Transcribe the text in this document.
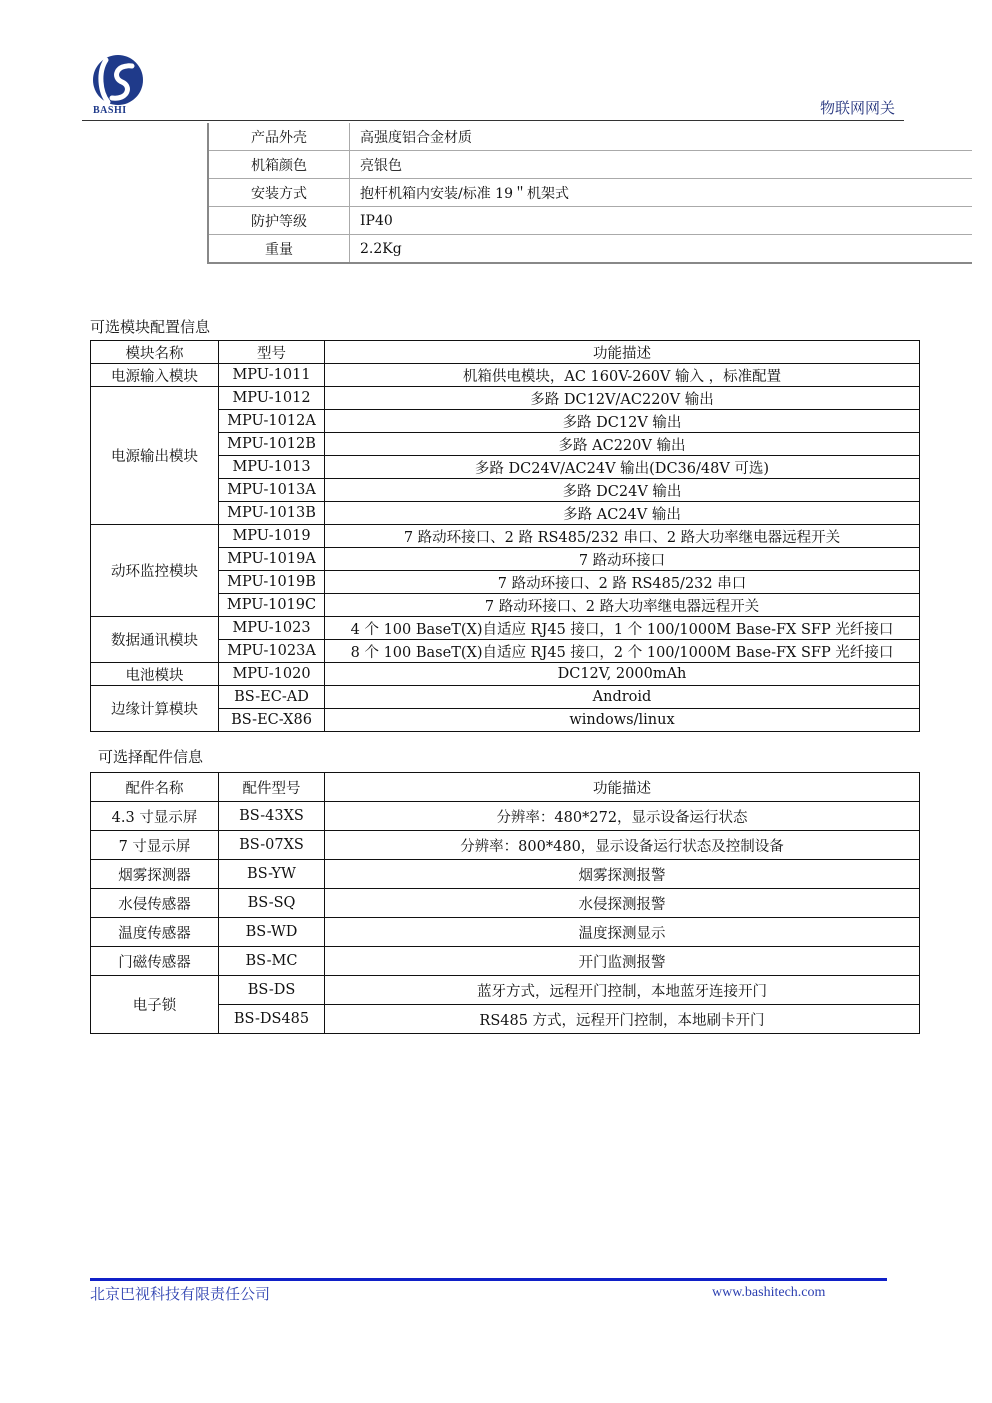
BASHI	物联网网关
	产品外壳	高强度铝合金材质
	机箱颜色	亮银色
	安装方式	抱杆机箱内安装/标准 19＂机架式
	防护等级	IP40
	重量	2.2Kg
可选模块配置信息
模块名称	型号	功能描述
电源输入模块	MPU-1011	机箱供电模块，AC 160V-260V 输入 ，标准配置
电源输出模块	MPU-1012	多路 DC12V/AC220V 输出
	MPU-1012A	多路 DC12V 输出
	MPU-1012B	多路 AC220V 输出
	MPU-1013	多路 DC24V/AC24V 输出(DC36/48V 可选)
	MPU-1013A	多路 DC24V 输出
	MPU-1013B	多路 AC24V 输出
动环监控模块	MPU-1019	7 路动环接口、2 路 RS485/232 串口、2 路大功率继电器远程开关
	MPU-1019A	7 路动环接口
	MPU-1019B	7 路动环接口、2 路 RS485/232 串口
	MPU-1019C	7 路动环接口、2 路大功率继电器远程开关
数据通讯模块	MPU-1023	4 个 100 BaseT(X)自适应 RJ45 接口，1 个 100/1000M Base-FX SFP 光纤接口
	MPU-1023A	8 个 100 BaseT(X)自适应 RJ45 接口，2 个 100/1000M Base-FX SFP 光纤接口
电池模块	MPU-1020	DC12V, 2000mAh
边缘计算模块	BS-EC-AD	Android
	BS-EC-X86	windows/linux
可选择配件信息
配件名称	配件型号	功能描述
4.3 寸显示屏	BS-43XS	分辨率：480*272，显示设备运行状态
7 寸显示屏	BS-07XS	分辨率：800*480，显示设备运行状态及控制设备
烟雾探测器	BS-YW	烟雾探测报警
水侵传感器	BS-SQ	水侵探测报警
温度传感器	BS-WD	温度探测显示
门磁传感器	BS-MC	开门监测报警
电子锁	BS-DS	蓝牙方式，远程开门控制，本地蓝牙连接开门
	BS-DS485	RS485 方式，远程开门控制，本地刷卡开门
北京巴视科技有限责任公司	www.bashitech.com
